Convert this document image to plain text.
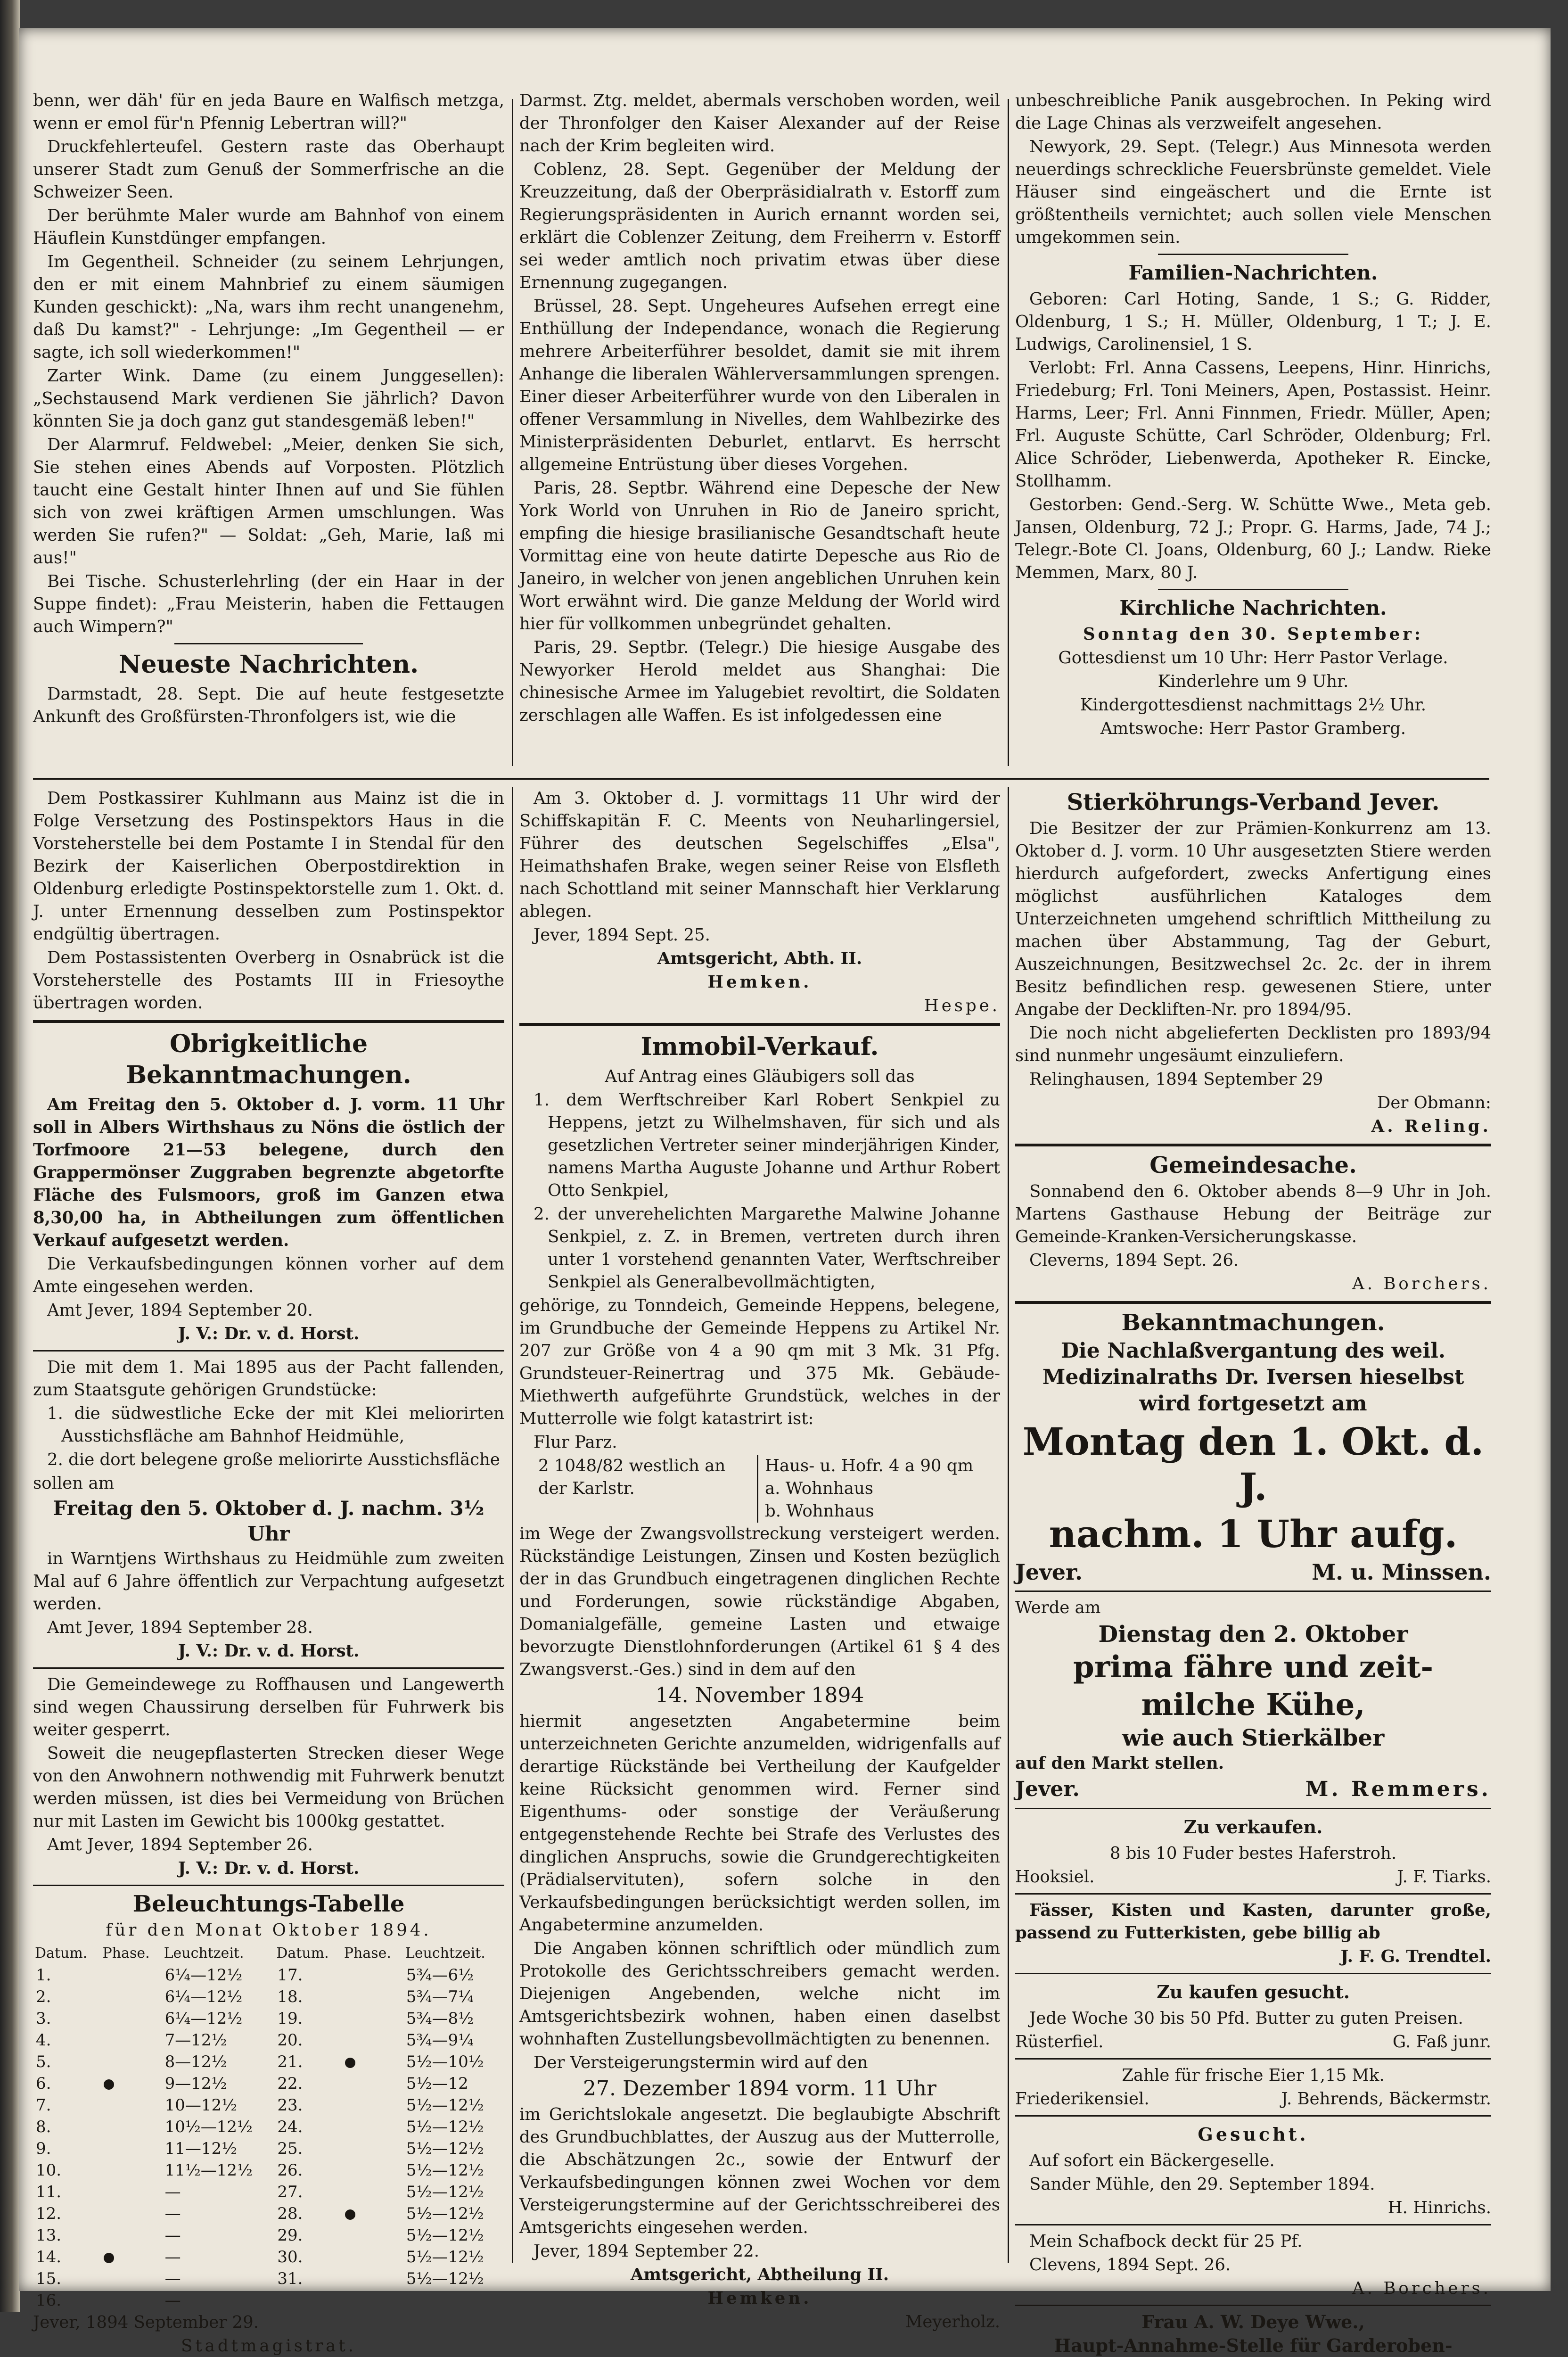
benn, wer däh' für en jeda Baure en Walfisch metzga, wenn er emol für'n Pfennig Lebertran will?"

Druckfehlerteufel. Gestern raste das Oberhaupt unserer Stadt zum Genuß der Sommerfrische an die Schweizer Seen.

Der berühmte Maler wurde am Bahnhof von einem Häuflein Kunstdünger empfangen.

Im Gegentheil. Schneider (zu seinem Lehrjungen, den er mit einem Mahnbrief zu einem säumigen Kunden geschickt): „Na, wars ihm recht unangenehm, daß Du kamst?" - Lehrjunge: „Im Gegentheil — er sagte, ich soll wiederkommen!"

Zarter Wink. Dame (zu einem Junggesellen): „Sechstausend Mark verdienen Sie jährlich? Davon könnten Sie ja doch ganz gut standesgemäß leben!"

Der Alarmruf. Feldwebel: „Meier, denken Sie sich, Sie stehen eines Abends auf Vorposten. Plötzlich taucht eine Gestalt hinter Ihnen auf und Sie fühlen sich von zwei kräftigen Armen umschlungen. Was werden Sie rufen?" — Soldat: „Geh, Marie, laß mi aus!"

Bei Tische. Schusterlehrling (der ein Haar in der Suppe findet): „Frau Meisterin, haben die Fettaugen auch Wimpern?"

Neueste Nachrichten.

Darmstadt, 28. Sept. Die auf heute festgesetzte Ankunft des Großfürsten-Thronfolgers ist, wie die

Darmst. Ztg. meldet, abermals verschoben worden, weil der Thronfolger den Kaiser Alexander auf der Reise nach der Krim begleiten wird.

Coblenz, 28. Sept. Gegenüber der Meldung der Kreuzzeitung, daß der Oberpräsidialrath v. Estorff zum Regierungspräsidenten in Aurich ernannt worden sei, erklärt die Coblenzer Zeitung, dem Freiherrn v. Estorff sei weder amtlich noch privatim etwas über diese Ernennung zugegangen.

Brüssel, 28. Sept. Ungeheures Aufsehen erregt eine Enthüllung der Independance, wonach die Regierung mehrere Arbeiterführer besoldet, damit sie mit ihrem Anhange die liberalen Wählerversammlungen sprengen. Einer dieser Arbeiterführer wurde von den Liberalen in offener Versammlung in Nivelles, dem Wahlbezirke des Ministerpräsidenten Deburlet, entlarvt. Es herrscht allgemeine Entrüstung über dieses Vorgehen.

Paris, 28. Septbr. Während eine Depesche der New York World von Unruhen in Rio de Janeiro spricht, empfing die hiesige brasilianische Gesandtschaft heute Vormittag eine von heute datirte Depesche aus Rio de Janeiro, in welcher von jenen angeblichen Unruhen kein Wort erwähnt wird. Die ganze Meldung der World wird hier für vollkommen unbegründet gehalten.

Paris, 29. Septbr. (Telegr.) Die hiesige Ausgabe des Newyorker Herold meldet aus Shanghai: Die chinesische Armee im Yalugebiet revoltirt, die Soldaten zerschlagen alle Waffen. Es ist infolgedessen eine

unbeschreibliche Panik ausgebrochen. In Peking wird die Lage Chinas als verzweifelt angesehen.

Newyork, 29. Sept. (Telegr.) Aus Minnesota werden neuerdings schreckliche Feuersbrünste gemeldet. Viele Häuser sind eingeäschert und die Ernte ist größtentheils vernichtet; auch sollen viele Menschen umgekommen sein.

Familien-Nachrichten.

Geboren: Carl Hoting, Sande, 1 S.; G. Ridder, Oldenburg, 1 S.; H. Müller, Oldenburg, 1 T.; J. E. Ludwigs, Carolinensiel, 1 S.

Verlobt: Frl. Anna Cassens, Leepens, Hinr. Hinrichs, Friedeburg; Frl. Toni Meiners, Apen, Postassist. Heinr. Harms, Leer; Frl. Anni Finnmen, Friedr. Müller, Apen; Frl. Auguste Schütte, Carl Schröder, Oldenburg; Frl. Alice Schröder, Liebenwerda, Apotheker R. Eincke, Stollhamm.

Gestorben: Gend.-Serg. W. Schütte Wwe., Meta geb. Jansen, Oldenburg, 72 J.; Propr. G. Harms, Jade, 74 J.; Telegr.-Bote Cl. Joans, Oldenburg, 60 J.; Landw. Rieke Memmen, Marx, 80 J.

Kirchliche Nachrichten.

Sonntag den 30. September:

Gottesdienst um 10 Uhr: Herr Pastor Verlage.

Kinderlehre um 9 Uhr.

Kindergottesdienst nachmittags 2½ Uhr.

Amtswoche: Herr Pastor Gramberg.

Dem Postkassirer Kuhlmann aus Mainz ist die in Folge Versetzung des Postinspektors Haus in die Vorsteherstelle bei dem Postamte I in Stendal für den Bezirk der Kaiserlichen Oberpostdirektion in Oldenburg erledigte Postinspektorstelle zum 1. Okt. d. J. unter Ernennung desselben zum Postinspektor endgültig übertragen.

Dem Postassistenten Overberg in Osnabrück ist die Vorsteherstelle des Postamts III in Friesoythe übertragen worden.

Obrigkeitliche Bekanntmachungen.

Am Freitag den 5. Oktober d. J. vorm. 11 Uhr soll in Albers Wirthshaus zu Nöns die östlich der Torfmoore 21—53 belegene, durch den Grappermönser Zuggraben begrenzte abgetorfte Fläche des Fulsmoors, groß im Ganzen etwa 8,30,00 ha, in Abtheilungen zum öffentlichen Verkauf aufgesetzt werden.

Die Verkaufsbedingungen können vorher auf dem Amte eingesehen werden.

Amt Jever, 1894 September 20.

J. V.: Dr. v. d. Horst.

Die mit dem 1. Mai 1895 aus der Pacht fallenden, zum Staatsgute gehörigen Grundstücke:

1. die südwestliche Ecke der mit Klei meliorirten Ausstichsfläche am Bahnhof Heidmühle,

2. die dort belegene große meliorirte Ausstichsfläche

sollen am

Freitag den 5. Oktober d. J. nachm. 3½ Uhr

in Warntjens Wirthshaus zu Heidmühle zum zweiten Mal auf 6 Jahre öffentlich zur Verpachtung aufgesetzt werden.

Amt Jever, 1894 September 28.

J. V.: Dr. v. d. Horst.

Die Gemeindewege zu Roffhausen und Langewerth sind wegen Chaussirung derselben für Fuhrwerk bis weiter gesperrt.

Soweit die neugepflasterten Strecken dieser Wege von den Anwohnern nothwendig mit Fuhrwerk benutzt werden müssen, ist dies bei Vermeidung von Brüchen nur mit Lasten im Gewicht bis 1000kg gestattet.

Amt Jever, 1894 September 26.

J. V.: Dr. v. d. Horst.

Beleuchtungs-Tabelle

für den Monat Oktober 1894.

Datum.	Phase.	Leuchtzeit.	Datum.	Phase.	Leuchtzeit.
1.		6¼—12½	17.		5¾—6½
2.		6¼—12½	18.		5¾—7¼
3.		6¼—12½	19.		5¾—8½
4.		7—12½	20.		5¾—9¼
5.		8—12½	21.		5½—10½
6.		9—12½	22.		5½—12
7.		10—12½	23.		5½—12½
8.		10½—12½	24.		5½—12½
9.		11—12½	25.		5½—12½
10.		11½—12½	26.		5½—12½
11.		—	27.		5½—12½
12.		—	28.		5½—12½
13.		—	29.		5½—12½
14.		—	30.		5½—12½
15.		—	31.		5½—12½
16.		—			

Jever, 1894 September 29.

Stadtmagistrat.

Am 3. Oktober d. J. vormittags 11 Uhr wird der Schiffskapitän F. C. Meents von Neuharlingersiel, Führer des deutschen Segelschiffes „Elsa", Heimathshafen Brake, wegen seiner Reise von Elsfleth nach Schottland mit seiner Mannschaft hier Verklarung ablegen.

Jever, 1894 Sept. 25.

Amtsgericht, Abth. II.

Hemken.

Hespe.

Immobil-Verkauf.

Auf Antrag eines Gläubigers soll das

1. dem Werftschreiber Karl Robert Senkpiel zu Heppens, jetzt zu Wilhelmshaven, für sich und als gesetzlichen Vertreter seiner minderjährigen Kinder, namens Martha Auguste Johanne und Arthur Robert Otto Senkpiel,

2. der unverehelichten Margarethe Malwine Johanne Senkpiel, z. Z. in Bremen, vertreten durch ihren unter 1 vorstehend genannten Vater, Werftschreiber Senkpiel als Generalbevollmächtigten,

gehörige, zu Tonndeich, Gemeinde Heppens, belegene, im Grundbuche der Gemeinde Heppens zu Artikel Nr. 207 zur Größe von 4 a 90 qm mit 3 Mk. 31 Pfg. Grundsteuer-Reinertrag und 375 Mk. Gebäude-Miethwerth aufgeführte Grundstück, welches in der Mutterrolle wie folgt katastrirt ist:

Flur Parz.

2 1048/82 westlich an der Karlstr.
Haus- u. Hofr. 4 a 90 qm
a. Wohnhaus
b. Wohnhaus

im Wege der Zwangsvollstreckung versteigert werden. Rückständige Leistungen, Zinsen und Kosten bezüglich der in das Grundbuch eingetragenen dinglichen Rechte und Forderungen, sowie rückständige Abgaben, Domanialgefälle, gemeine Lasten und etwaige bevorzugte Dienstlohnforderungen (Artikel 61 § 4 des Zwangsverst.-Ges.) sind in dem auf den

14. November 1894

hiermit angesetzten Angabetermine beim unterzeichneten Gerichte anzumelden, widrigenfalls auf derartige Rückstände bei Vertheilung der Kaufgelder keine Rücksicht genommen wird. Ferner sind Eigenthums- oder sonstige der Veräußerung entgegenstehende Rechte bei Strafe des Verlustes des dinglichen Anspruchs, sowie die Grundgerechtigkeiten (Prädialservituten), sofern solche in den Verkaufsbedingungen berücksichtigt werden sollen, im Angabetermine anzumelden.

Die Angaben können schriftlich oder mündlich zum Protokolle des Gerichtsschreibers gemacht werden. Diejenigen Angebenden, welche nicht im Amtsgerichtsbezirk wohnen, haben einen daselbst wohnhaften Zustellungsbevollmächtigten zu benennen.

Der Versteigerungstermin wird auf den

27. Dezember 1894 vorm. 11 Uhr

im Gerichtslokale angesetzt. Die beglaubigte Abschrift des Grundbuchblattes, der Auszug aus der Mutterrolle, die Abschätzungen 2c., sowie der Entwurf der Verkaufsbedingungen können zwei Wochen vor dem Versteigerungstermine auf der Gerichtsschreiberei des Amtsgerichts eingesehen werden.

Jever, 1894 September 22.

Amtsgericht, Abtheilung II.

Hemken.

Meyerholz.

Stierköhrungs-Verband Jever.

Die Besitzer der zur Prämien-Konkurrenz am 13. Oktober d. J. vorm. 10 Uhr ausgesetzten Stiere werden hierdurch aufgefordert, zwecks Anfertigung eines möglichst ausführlichen Kataloges dem Unterzeichneten umgehend schriftlich Mittheilung zu machen über Abstammung, Tag der Geburt, Auszeichnungen, Besitzwechsel 2c. 2c. der in ihrem Besitz befindlichen resp. gewesenen Stiere, unter Angabe der Deckliften-Nr. pro 1894/95.

Die noch nicht abgelieferten Decklisten pro 1893/94 sind nunmehr ungesäumt einzuliefern.

Relinghausen, 1894 September 29

Der Obmann:

A. Reling.

Gemeindesache.

Sonnabend den 6. Oktober abends 8—9 Uhr in Joh. Martens Gasthause Hebung der Beiträge zur Gemeinde-Kranken-Versicherungskasse.

Cleverns, 1894 Sept. 26.

A. Borchers.

Bekanntmachungen.

Die Nachlaßvergantung des weil. Medizinalraths Dr. Iversen hieselbst wird fortgesetzt am

Montag den 1. Okt. d. J.
nachm. 1 Uhr aufg.
Jever.	M. u. Minssen.

Werde am

Dienstag den 2. Oktober
prima fähre und zeit-
milche Kühe,
wie auch Stierkälber

auf den Markt stellen.

Jever.	M. Remmers.
Zu verkaufen.

8 bis 10 Fuder bestes Haferstroh.

Hooksiel.	J. F. Tiarks.

Fässer, Kisten und Kasten, darunter große, passend zu Futterkisten, gebe billig ab

J. F. G. Trendtel.

Zu kaufen gesucht.

Jede Woche 30 bis 50 Pfd. Butter zu guten Preisen.

Rüsterfiel.	G. Faß junr.

Zahle für frische Eier 1,15 Mk.

Friederikensiel.	J. Behrends, Bäckermstr.
Gesucht.

Auf sofort ein Bäckergeselle.

Sander Mühle, den 29. September 1894.

H. Hinrichs.

Mein Schafbock deckt für 25 Pf.

Clevens, 1894 Sept. 26.

A. Borchers.

Frau A. W. Deye Wwe.,

Haupt-Annahme-Stelle für Garderoben-
